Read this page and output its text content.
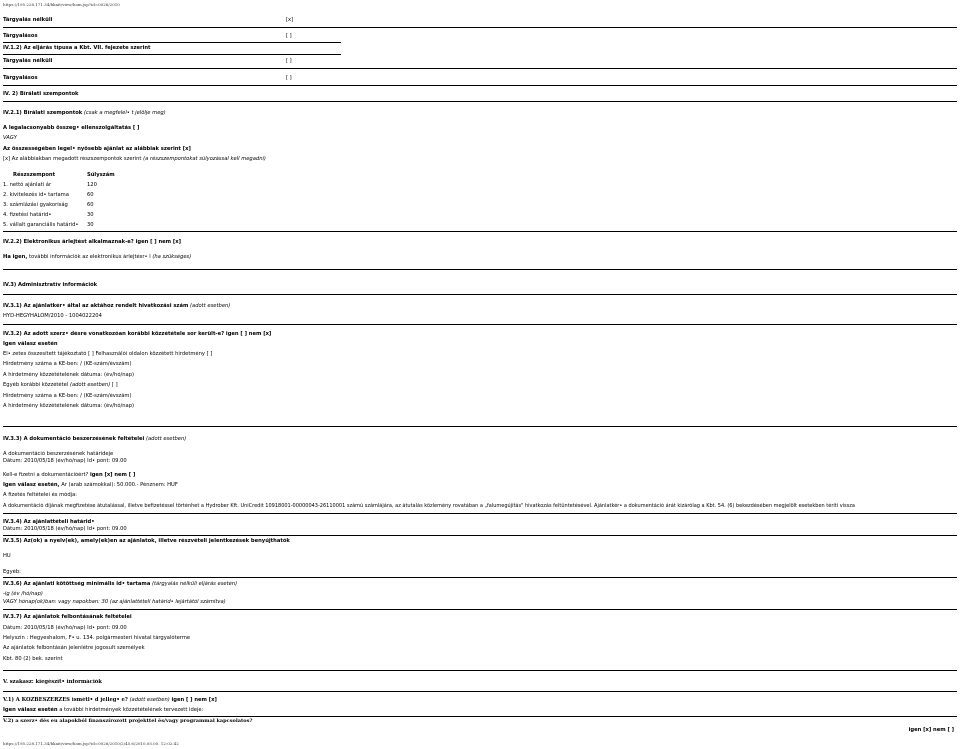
https://195.228.171.34/bkait/view/hom.jsp?id=0026/2010
Tárgyalás nélküli	[x]
Tárgyalásos	[ ]
IV.1.2) Az eljárás típusa a Kbt. VII. fejezete szerint
Tárgyalás nélküli	[ ]
Tárgyalásos	[ ]
IV. 2) Bírálati szempontok
IV.2.1) Bírálati szempontok (csak a megfelel• t jelölje meg)
A legalacsonyabb összeg• ellenszolgáltatás [ ]
VAGY
Az összességében legel• nyösebb ajánlat az alábbiak szerint [x]
[x] Az alábbiakban megadott részszempontok szerint (a részszempontokat súlyozással kell megadni)
Részszempont	Súlyszám
1. nettó ajánlati ár	120
2. kivitelezés id• tartama	60
3. számlázási gyakoriság	60
4. fizetési határid•	30
5. vállalt garanciális határid•	30
IV.2.2) Elektronikus árlejtést alkalmaznak-e? igen [ ] nem [x]
Ha igen, további információk az elektronikus árlejtésr• l (ha szükséges)
IV.3) Adminisztratív információk
IV.3.1) Az ajánlatkér• által az aktához rendelt hivatkozási szám (adott esetben)
HYD-HEGYHALOM/2010 - 1004022204
IV.3.2) Az adott szerz• désre vonatkozóan korábbi közzététele sor került-e? igen [ ] nem [x]
Igen válasz esetén
El• zetes összesített tájékoztató [ ] Felhasználói oldalon közzétett hirdetmény [ ]
Hirdetmény száma a KÉ-ben: / (KÉ-szám/évszám)
A hirdetmény közzétételének dátuma: (év/hó/nap)
Egyéb korábbi közzététel (adott esetben) [ ]
Hirdetmény száma a KÉ-ben: / (KÉ-szám/évszám)
A hirdetmény közzétételének dátuma: (év/hó/nap)
IV.3.3) A dokumentáció beszerzésének feltételei (adott esetben)
A dokumentáció beszerzésének határideje
Dátum: 2010/05/18 (év/hó/nap) Id• pont: 09.00
Kell-e fizetni a dokumentációért? igen [x] nem [ ]
Igen válasz esetén, Ár (arab számokkal): 50.000.- Pénznem: HUF
A fizetés feltételei és módja:
A dokumentáció díjának megfizetése átutalással, illetve befizetéssel történhet a Hydrober Kft. UniCredit 10918001-00000043-26110001 számú számlájára, az átutalás közlemény rovatában a „falumegújítás" hivatkozás feltüntetésével. Ajánlatkér• a dokumentáció árát kizárólag a Kbt. 54. (6) bekezdésében megjelölt esetekben téríti vissza
IV.3.4) Az ajánlattételi határid•
Dátum: 2010/05/18 (év/hó/nap) Id• pont: 09.00
IV.3.5) Az(ok) a nyelv(ek), amely(ek)en az ajánlatok, illetve részvételi jelentkezések benyújthatók
HU
Egyéb:
IV.3.6) Az ajánlati kötöttség minimális id• tartama (tárgyalás nélküli eljárás esetén)
-ig (év /hó/nap)
VAGY hónap(ok)ban: vagy napokban: 30 (az ajánlattételi határid• lejártától számítva)
IV.3.7) Az ajánlatok felbontásának feltételei
Dátum: 2010/05/18 (év/hó/nap) Id• pont: 09.00
Helyszín : Hegyeshalom, F• u. 134. polgármesteri hivatal tárgyalóterme
Az ajánlatok felbontásán jelenlétre jogosult személyek
Kbt. 80 (2) bek. szerint
V. szakasz: kiegészít• információk
V.1) A KÖZBESZERZÉS ismétl• d jelleg• e? (adott esetben) igen [ ] nem [x]
Igen válasz esetén a további hirdetmények közzétételének tervezett ideje:
V.2) a szerz• dés eu alapokból finanszírozott projekttel és/vagy programmal kapcsolatos?
igen [x] nem [ ]
https://195.228.171.34/bkait/view/hom.jsp?id=0026/2010/2/45.6/2010.05.05. 12:02:42
